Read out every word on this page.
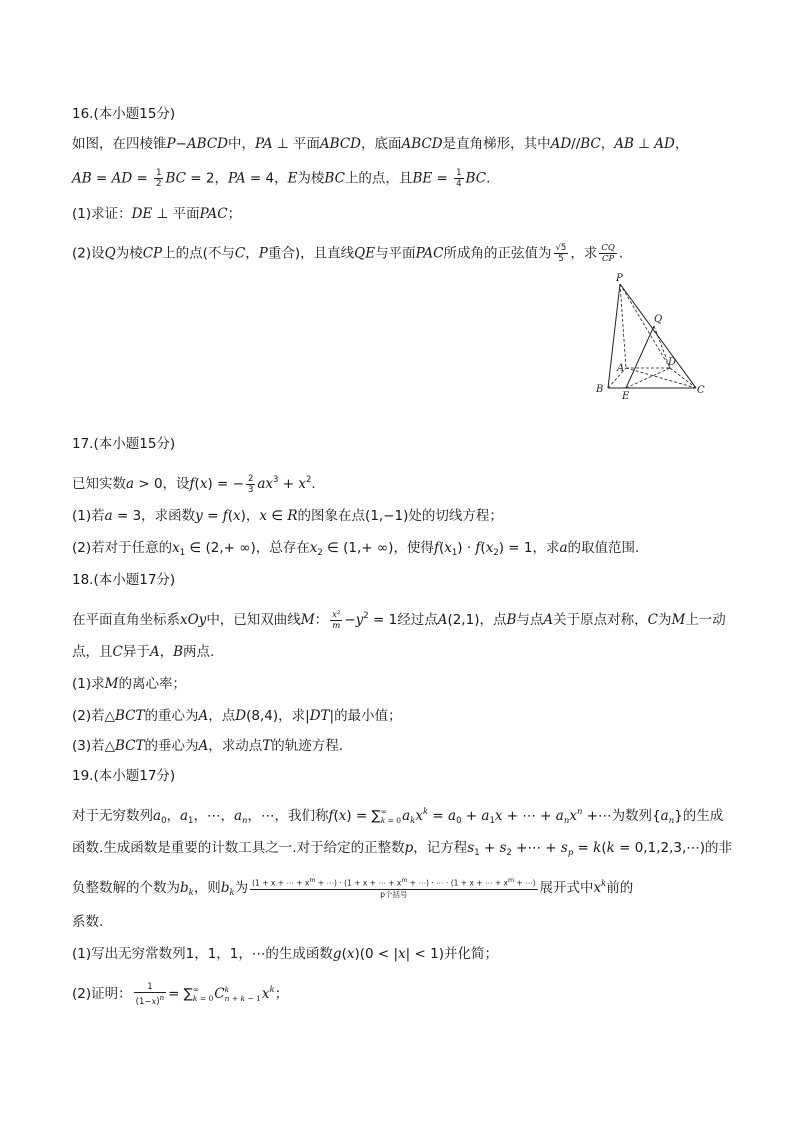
16.(本小题15分)
如图，在四棱锥P−ABCD中，PA ⊥ 平面ABCD，底面ABCD是直角梯形，其中AD//BC，AB ⊥ AD，
AB = AD = $\frac{1}{2}$ BC = 2，PA = 4，E为棱BC上的点，且BE = $\frac{1}{4}$ BC.
(1)求证：DE ⊥ 平面PAC；
(2)设Q为棱CP上的点(不与C，P重合)，且直线QE与平面PAC所成角的正弦值为 $\frac{√5}{5}$ ，求 $\frac{CQ}{CP}$ .
P
Q
A
D
B
E
C
17.(本小题15分)
已知实数a > 0，设f(x) = − $\frac{2}{3} ax^3 + x^2$.
(1)若a = 3，求函数y = f(x)，x ∈ R的图象在点(1,−1)处的切线方程；
(2)若对于任意的$x_1$ ∈ (2,+ ∞)，总存在$x_2$ ∈ (1,+ ∞)，使得$f(x_1) \cdot f(x_2) = 1$，求a的取值范围.
18.(本小题17分)
在平面直角坐标系xOy中，已知双曲线M： $\frac{\text{x²}}{m} -y^2 = 1$经过点A(2,1)，点B与点A关于原点对称，C为M上一动
点，且C异于A，B两点.
(1)求M的离心率；
(2)若△BCT的重心为A，点D(8,4)，求|DT|的最小值；
(3)若△BCT的垂心为A，求动点T的轨迹方程.
19.(本小题17分)
对于无穷数列$a_0$，$a_1$，⋯，$a_n$，⋯，我们称f(x) = ∑ ∞
k = 0 $a_kx^k = a_0 + a_1x$ + ⋯ + $a_nx^n$ +⋯为数列$\{a_n\}$的生成
函数.生成函数是重要的计数工具之一.对于给定的正整数p，记方程$s_1 + s_2$ +⋯ + $s_p = k(k$ = 0,1,2,3,⋯)的非
负整数解的个数为$b_k$，则$b_k$为 (1 + x + ⋯ + $x^m$ + ⋯) · (1 + x + ⋯ + $x^m$ + ⋯) · ⋯ · (1 + x + ⋯ + $x^m$ + ⋯)
p个括号	展开式中$x^k$前的
系数.
(1)写出无穷常数列1，1，1，⋯的生成函数g(x)(0 < |x| < 1)并化简；
(2)证明： $\frac{1}{(1-x)^n}$ = ∑ ∞
k = 0 C k
n + k − 1 $x^k$；
